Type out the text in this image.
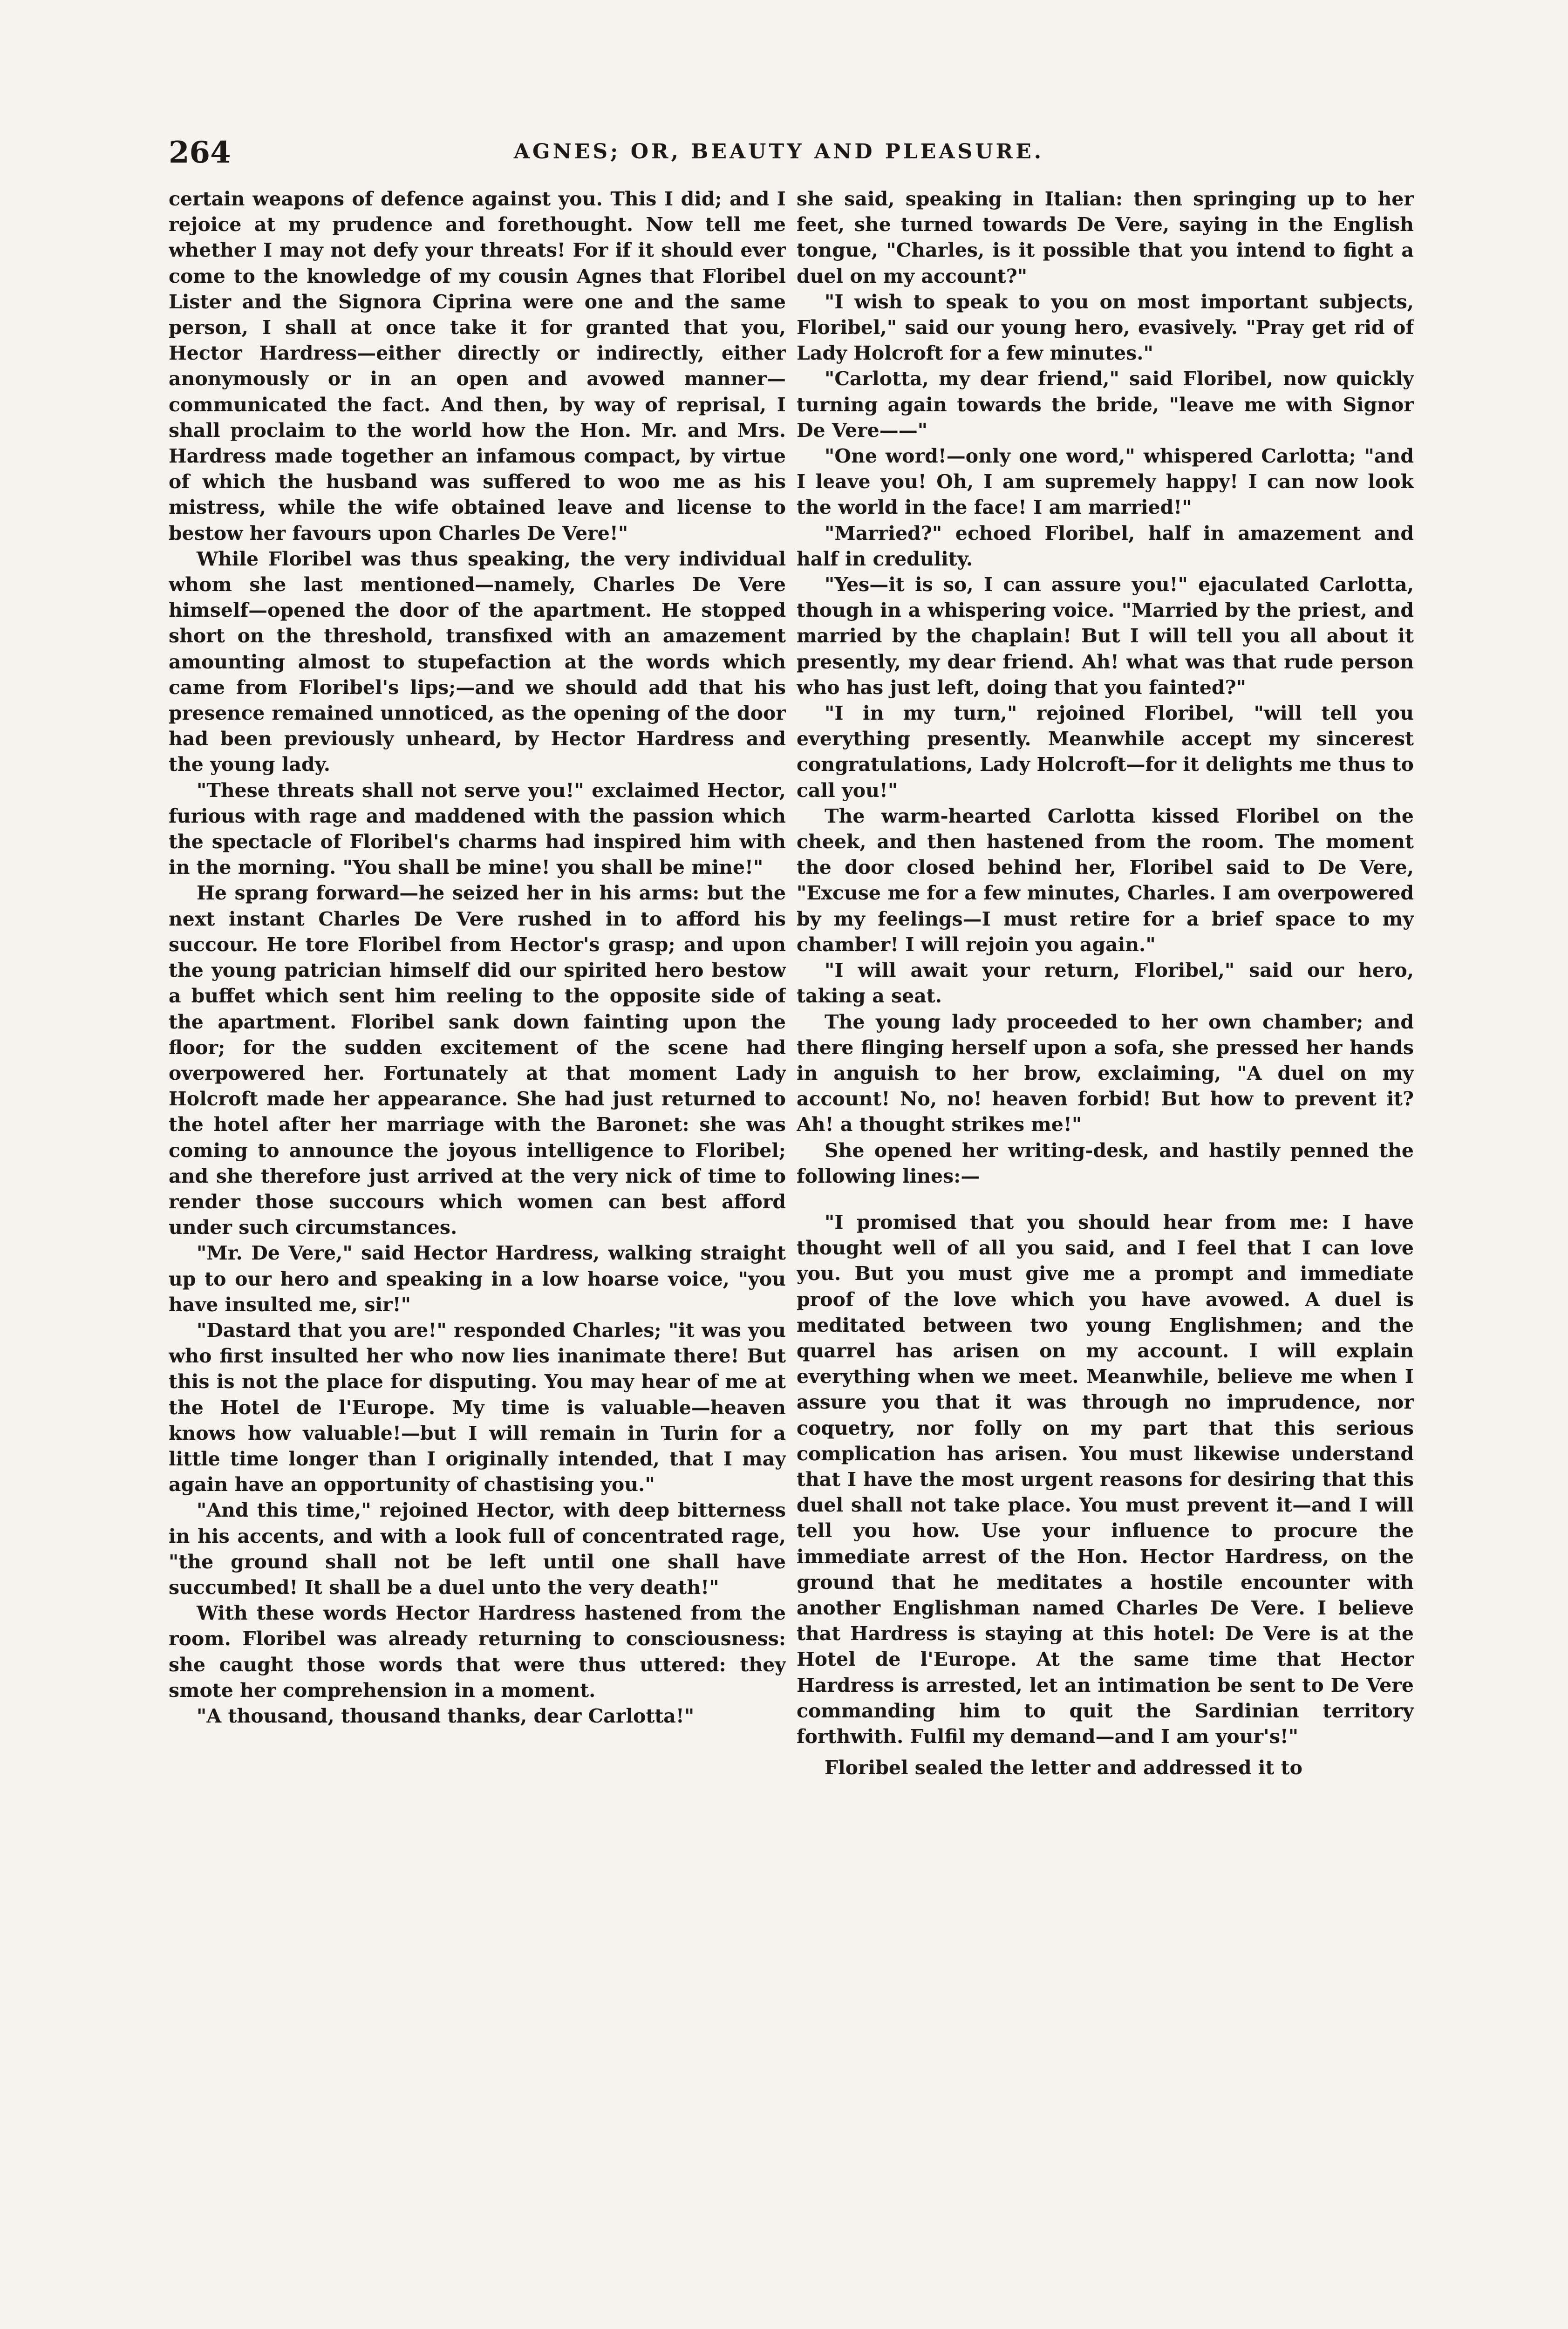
264	AGNES; OR, BEAUTY AND PLEASURE.

certain weapons of defence against you. This I did; and I rejoice at my prudence and forethought. Now tell me whether I may not defy your threats! For if it should ever come to the knowledge of my cousin Agnes that Floribel Lister and the Signora Ciprina were one and the same person, I shall at once take it for granted that you, Hector Hardress—either directly or indirectly, either anonymously or in an open and avowed manner—communicated the fact. And then, by way of reprisal, I shall proclaim to the world how the Hon. Mr. and Mrs. Hardress made together an infamous compact, by virtue of which the husband was suffered to woo me as his mistress, while the wife obtained leave and license to bestow her favours upon Charles De Vere!"

While Floribel was thus speaking, the very individual whom she last mentioned—namely, Charles De Vere himself—opened the door of the apartment. He stopped short on the threshold, transfixed with an amazement amounting almost to stupefaction at the words which came from Floribel's lips;—and we should add that his presence remained unnoticed, as the opening of the door had been previously unheard, by Hector Hardress and the young lady.

"These threats shall not serve you!" exclaimed Hector, furious with rage and maddened with the passion which the spectacle of Floribel's charms had inspired him with in the morning. "You shall be mine! you shall be mine!"

He sprang forward—he seized her in his arms: but the next instant Charles De Vere rushed in to afford his succour. He tore Floribel from Hector's grasp; and upon the young patrician himself did our spirited hero bestow a buffet which sent him reeling to the opposite side of the apartment. Floribel sank down fainting upon the floor; for the sudden excitement of the scene had overpowered her. Fortunately at that moment Lady Holcroft made her appearance. She had just returned to the hotel after her marriage with the Baronet: she was coming to announce the joyous intelligence to Floribel; and she therefore just arrived at the very nick of time to render those succours which women can best afford under such circumstances.

"Mr. De Vere," said Hector Hardress, walking straight up to our hero and speaking in a low hoarse voice, "you have insulted me, sir!"

"Dastard that you are!" responded Charles; "it was you who first insulted her who now lies inanimate there! But this is not the place for disputing. You may hear of me at the Hotel de l'Europe. My time is valuable—heaven knows how valuable!—but I will remain in Turin for a little time longer than I originally intended, that I may again have an opportunity of chastising you."

"And this time," rejoined Hector, with deep bitterness in his accents, and with a look full of concentrated rage, "the ground shall not be left until one shall have succumbed! It shall be a duel unto the very death!"

With these words Hector Hardress hastened from the room. Floribel was already returning to consciousness: she caught those words that were thus uttered: they smote her comprehension in a moment.

"A thousand, thousand thanks, dear Carlotta!"

she said, speaking in Italian: then springing up to her feet, she turned towards De Vere, saying in the English tongue, "Charles, is it possible that you intend to fight a duel on my account?"

"I wish to speak to you on most important subjects, Floribel," said our young hero, evasively. "Pray get rid of Lady Holcroft for a few minutes."

"Carlotta, my dear friend," said Floribel, now quickly turning again towards the bride, "leave me with Signor De Vere——"

"One word!—only one word," whispered Carlotta; "and I leave you! Oh, I am supremely happy! I can now look the world in the face! I am married!"

"Married?" echoed Floribel, half in amazement and half in credulity.

"Yes—it is so, I can assure you!" ejaculated Carlotta, though in a whispering voice. "Married by the priest, and married by the chaplain! But I will tell you all about it presently, my dear friend. Ah! what was that rude person who has just left, doing that you fainted?"

"I in my turn," rejoined Floribel, "will tell you everything presently. Meanwhile accept my sincerest congratulations, Lady Holcroft—for it delights me thus to call you!"

The warm-hearted Carlotta kissed Floribel on the cheek, and then hastened from the room. The moment the door closed behind her, Floribel said to De Vere, "Excuse me for a few minutes, Charles. I am overpowered by my feelings—I must retire for a brief space to my chamber! I will rejoin you again."

"I will await your return, Floribel," said our hero, taking a seat.

The young lady proceeded to her own chamber; and there flinging herself upon a sofa, she pressed her hands in anguish to her brow, exclaiming, "A duel on my account! No, no! heaven forbid! But how to prevent it? Ah! a thought strikes me!"

She opened her writing-desk, and hastily penned the following lines:—

"I promised that you should hear from me: I have thought well of all you said, and I feel that I can love you. But you must give me a prompt and immediate proof of the love which you have avowed. A duel is meditated between two young Englishmen; and the quarrel has arisen on my account. I will explain everything when we meet. Meanwhile, believe me when I assure you that it was through no imprudence, nor coquetry, nor folly on my part that this serious complication has arisen. You must likewise understand that I have the most urgent reasons for desiring that this duel shall not take place. You must prevent it—and I will tell you how. Use your influence to procure the immediate arrest of the Hon. Hector Hardress, on the ground that he meditates a hostile encounter with another Englishman named Charles De Vere. I believe that Hardress is staying at this hotel: De Vere is at the Hotel de l'Europe. At the same time that Hector Hardress is arrested, let an intimation be sent to De Vere commanding him to quit the Sardinian territory forthwith. Fulfil my demand—and I am your's!"

Floribel sealed the letter and addressed it to
